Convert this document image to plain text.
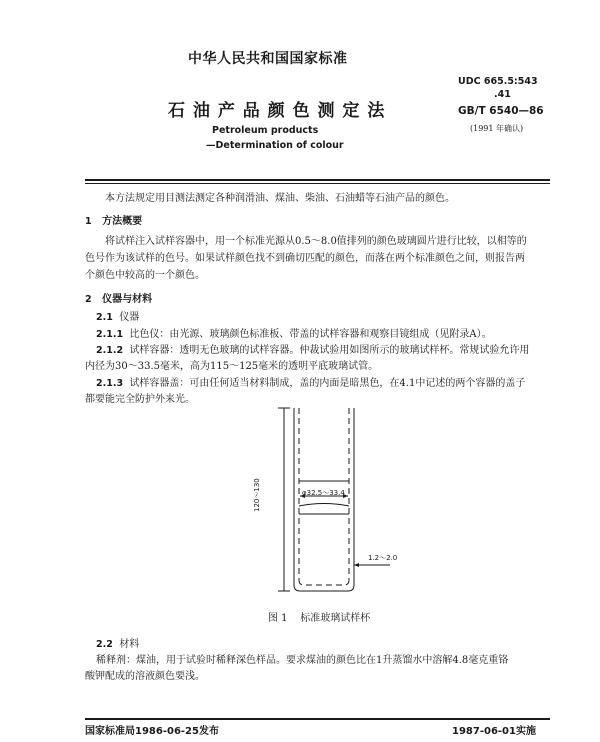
中华人民共和国国家标准
UDC 665.5:543
.41
石 油 产 品 颜 色 测 定 法	GB/T 6540—86
(1991 年确认)
Petroleum products
—Determination of colour
本方法规定用目测法测定各种润滑油、煤油、柴油、石油蜡等石油产品的颜色。
1 方法概要
将试样注入试样容器中，用一个标准光源从0.5～8.0值排列的颜色玻璃圆片进行比较，以相等的
色号作为该试样的色号。如果试样颜色找不到确切匹配的颜色，而落在两个标准颜色之间，则报告两
个颜色中较高的一个颜色。
2 仪器与材料
2.1 仪器
2.1.1 比色仪：由光源、玻璃颜色标准板、带盖的试样容器和观察目镜组成（见附录A）。
2.1.2 试样容器：透明无色玻璃的试样容器。仲裁试验用如图所示的玻璃试样杯。常规试验允许用
内径为30～33.5毫米，高为115～125毫米的透明平底玻璃试管。
2.1.3 试样容器盖：可由任何适当材料制成，盖的内面是暗黑色，在4.1中记述的两个容器的盖子
都要能完全防护外来光。
120～130	φ32.5～33.4
1.2～2.0
图 1 标准玻璃试样杯
2.2 材料
稀释剂：煤油，用于试验时稀释深色样品。要求煤油的颜色比在1升蒸馏水中溶解4.8毫克重铬
酸钾配成的溶液颜色要浅。
国家标准局1986-06-25发布	1987-06-01实施
